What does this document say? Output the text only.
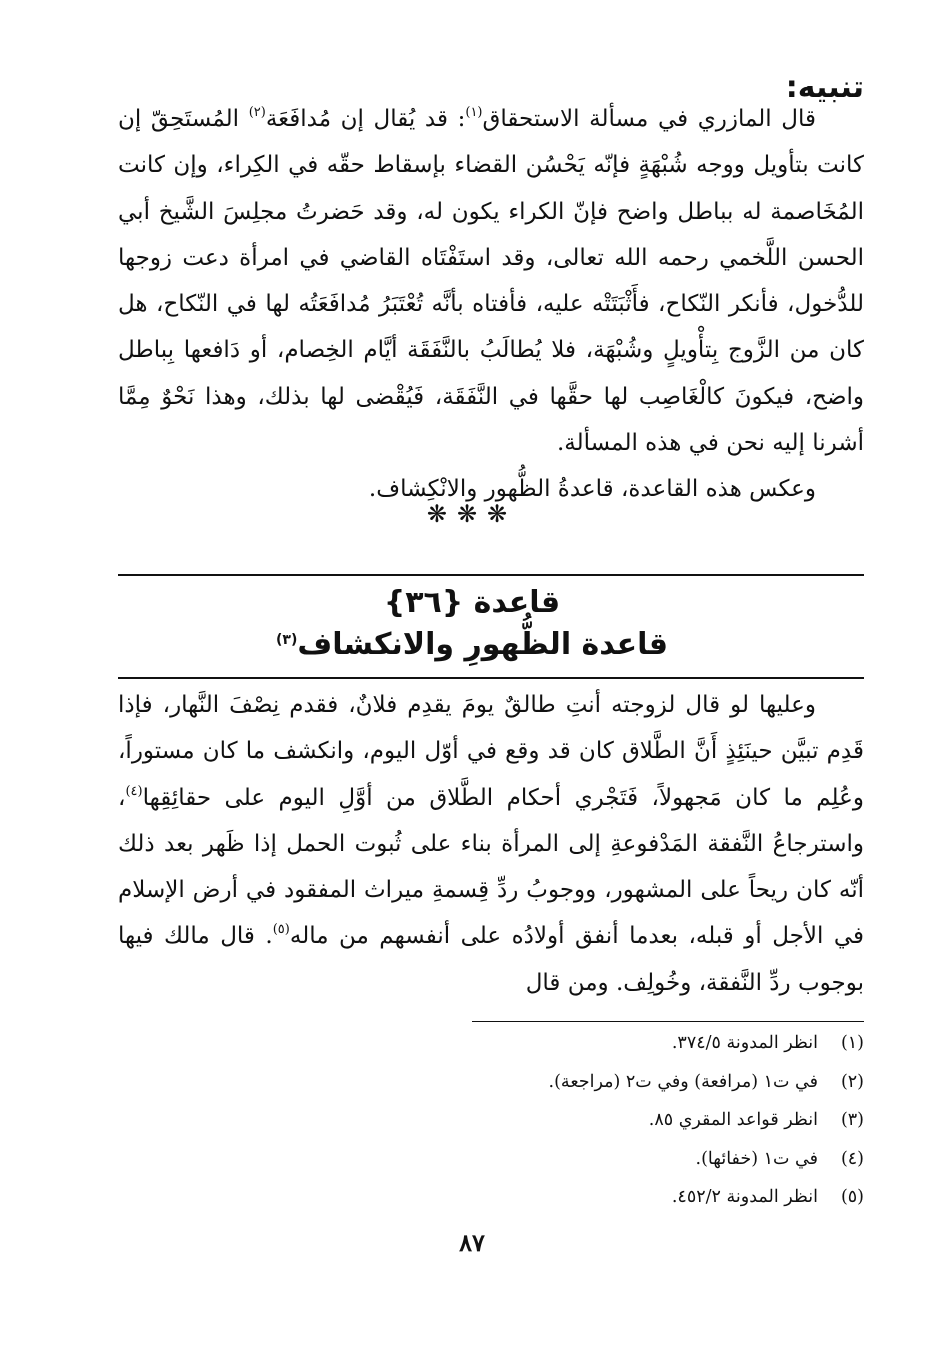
تنبيه:

قال المازري في مسألة الاستحقاق$^{(١)}$: قد يُقال إن مُدافَعَة$^{(٢)}$ المُستَحِقّ إن كانت بتأويل ووجه شُبْهَةٍ فإنّه يَحْسُن القضاء بإسقاط حقّه في الكِراء، وإن كانت المُخَاصمة له بباطل واضح فإنّ الكراء يكون له، وقد حَضرتُ مجلِسَ الشَّيخ أبي الحسن اللَّخمي رحمه الله تعالى، وقد استَفْتَاه القاضي في امرأة دعت زوجها للدُّخول، فأنكر النّكاح، فأَثْبَتَتْه عليه، فأفتاه بأنَّه تُعْتَبَرُ مُدافَعَتُه لها في النّكاح، هل كان من الزَّوج بِتأْويلٍ وشُبْهَة، فلا يُطالَبُ بالنَّفَقَة أيَّام الخِصام، أو دَافعها بِباطل واضح، فيكونَ كالْغَاصِب لها حقَّها في النَّفَقَة، فَيُقْضى لها بذلك، وهذا نَحْوٌ مِمَّا أشرنا إليه نحن في هذه المسألة.

وعكس هذه القاعدة، قاعدةُ الظُّهور والانْكِشاف.

❋❋❋
قاعدة {٣٦}
قاعدة الظُّهورِ والانكشاف$^{(٣)}$

وعليها لو قال لزوجته أنتِ طالقٌ يومَ يقدِم فلانٌ، فقدم نِصْفَ النَّهار، فإذا قَدِم تبيَّن حينَئِذٍ أَنَّ الطَّلاق كان قد وقع في أوّل اليوم، وانكشف ما كان مستوراً، وعُلِم ما كان مَجهولاً، فَتَجْري أحكام الطَّلاق من أوَّلِ اليوم على حقائِقِها$^{(٤)}$، واسترجاعُ النَّفقة المَدْفوعةِ إلى المرأة بناء على ثُبوت الحمل إذا ظَهر بعد ذلك أنّه كان ريحاً على المشهور، ووجوبُ ردِّ قِسمةِ ميراث المفقود في أرض الإسلام في الأجل أو قبله، بعدما أنفق أولادُه على أنفسهم من ماله$^{(٥)}$. قال مالك فيها بوجوب ردِّ النَّفقة، وخُولِف. ومن قال

(١)انظر المدونة ٣٧٤/٥.
(٢)في ت١ (مرافعة) وفي ت٢ (مراجعة).
(٣)انظر قواعد المقري ٨٥.
(٤)في ت١ (خفائها).
(٥)انظر المدونة ٤٥٢/٢.
٨٧
